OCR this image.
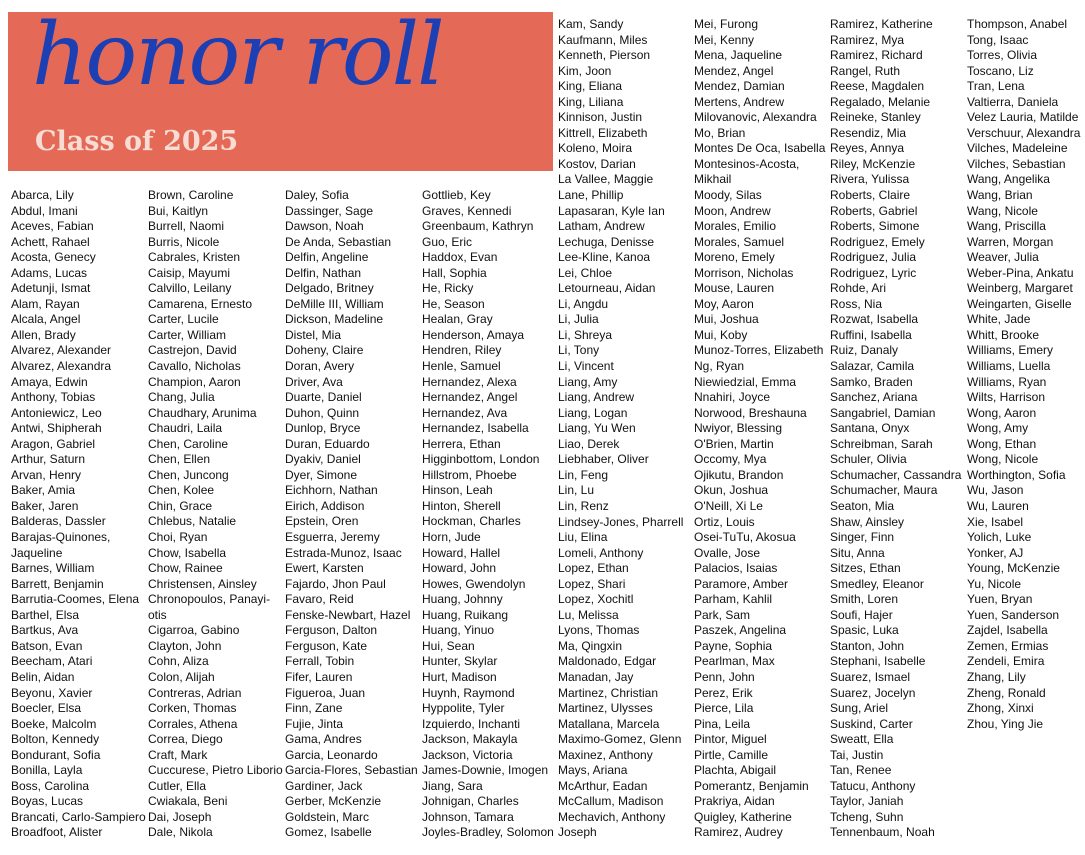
honor roll
Class of 2025
Abarca, Lily
Abdul, Imani
Aceves, Fabian
Achett, Rahael
Acosta, Genecy
Adams, Lucas
Adetunji, Ismat
Alam, Rayan
Alcala, Angel
Allen, Brady
Alvarez, Alexander
Alvarez, Alexandra
Amaya, Edwin
Anthony, Tobias
Antoniewicz, Leo
Antwi, Shipherah
Aragon, Gabriel
Arthur, Saturn
Arvan, Henry
Baker, Amia
Baker, Jaren
Balderas, Dassler
Barajas-Quinones,
Jaqueline
Barnes, William
Barrett, Benjamin
Barrutia-Coomes, Elena
Barthel, Elsa
Bartkus, Ava
Batson, Evan
Beecham, Atari
Belin, Aidan
Beyonu, Xavier
Boecler, Elsa
Boeke, Malcolm
Bolton, Kennedy
Bondurant, Sofia
Bonilla, Layla
Boss, Carolina
Boyas, Lucas
Brancati, Carlo-Sampiero
Broadfoot, Alister
Brown, Caroline
Bui, Kaitlyn
Burrell, Naomi
Burris, Nicole
Cabrales, Kristen
Caisip, Mayumi
Calvillo, Leilany
Camarena, Ernesto
Carter, Lucile
Carter, William
Castrejon, David
Cavallo, Nicholas
Champion, Aaron
Chang, Julia
Chaudhary, Arunima
Chaudri, Laila
Chen, Caroline
Chen, Ellen
Chen, Juncong
Chen, Kolee
Chin, Grace
Chlebus, Natalie
Choi, Ryan
Chow, Isabella
Chow, Rainee
Christensen, Ainsley
Chronopoulos, Panayi-
otis
Cigarroa, Gabino
Clayton, John
Cohn, Aliza
Colon, Alijah
Contreras, Adrian
Corken, Thomas
Corrales, Athena
Correa, Diego
Craft, Mark
Cuccurese, Pietro Liborio
Cutler, Ella
Cwiakala, Beni
Dai, Joseph
Dale, Nikola
Daley, Sofia
Dassinger, Sage
Dawson, Noah
De Anda, Sebastian
Delfin, Angeline
Delfin, Nathan
Delgado, Britney
DeMille III, William
Dickson, Madeline
Distel, Mia
Doheny, Claire
Doran, Avery
Driver, Ava
Duarte, Daniel
Duhon, Quinn
Dunlop, Bryce
Duran, Eduardo
Dyakiv, Daniel
Dyer, Simone
Eichhorn, Nathan
Eirich, Addison
Epstein, Oren
Esguerra, Jeremy
Estrada-Munoz, Isaac
Ewert, Karsten
Fajardo, Jhon Paul
Favaro, Reid
Fenske-Newbart, Hazel
Ferguson, Dalton
Ferguson, Kate
Ferrall, Tobin
Fifer, Lauren
Figueroa, Juan
Finn, Zane
Fujie, Jinta
Gama, Andres
Garcia, Leonardo
Garcia-Flores, Sebastian
Gardiner, Jack
Gerber, McKenzie
Goldstein, Marc
Gomez, Isabelle
Gottlieb, Key
Graves, Kennedi
Greenbaum, Kathryn
Guo, Eric
Haddox, Evan
Hall, Sophia
He, Ricky
He, Season
Healan, Gray
Henderson, Amaya
Hendren, Riley
Henle, Samuel
Hernandez, Alexa
Hernandez, Angel
Hernandez, Ava
Hernandez, Isabella
Herrera, Ethan
Higginbottom, London
Hillstrom, Phoebe
Hinson, Leah
Hinton, Sherell
Hockman, Charles
Horn, Jude
Howard, Hallel
Howard, John
Howes, Gwendolyn
Huang, Johnny
Huang, Ruikang
Huang, Yinuo
Hui, Sean
Hunter, Skylar
Hurt, Madison
Huynh, Raymond
Hyppolite, Tyler
Izquierdo, Inchanti
Jackson, Makayla
Jackson, Victoria
James-Downie, Imogen
Jiang, Sara
Johnigan, Charles
Johnson, Tamara
Joyles-Bradley, Solomon
Kam, Sandy
Kaufmann, Miles
Kenneth, Pierson
Kim, Joon
King, Eliana
King, Liliana
Kinnison, Justin
Kittrell, Elizabeth
Koleno, Moira
Kostov, Darian
La Vallee, Maggie
Lane, Phillip
Lapasaran, Kyle Ian
Latham, Andrew
Lechuga, Denisse
Lee-Kline, Kanoa
Lei, Chloe
Letourneau, Aidan
Li, Angdu
Li, Julia
Li, Shreya
Li, Tony
Li, Vincent
Liang, Amy
Liang, Andrew
Liang, Logan
Liang, Yu Wen
Liao, Derek
Liebhaber, Oliver
Lin, Feng
Lin, Lu
Lin, Renz
Lindsey-Jones, Pharrell
Liu, Elina
Lomeli, Anthony
Lopez, Ethan
Lopez, Shari
Lopez, Xochitl
Lu, Melissa
Lyons, Thomas
Ma, Qingxin
Maldonado, Edgar
Manadan, Jay
Martinez, Christian
Martinez, Ulysses
Matallana, Marcela
Maximo-Gomez, Glenn
Maxinez, Anthony
Mays, Ariana
McArthur, Eadan
McCallum, Madison
Mechavich, Anthony
Joseph
Mei, Furong
Mei, Kenny
Mena, Jaqueline
Mendez, Angel
Mendez, Damian
Mertens, Andrew
Milovanovic, Alexandra
Mo, Brian
Montes De Oca, Isabella
Montesinos-Acosta,
Mikhail
Moody, Silas
Moon, Andrew
Morales, Emilio
Morales, Samuel
Moreno, Emely
Morrison, Nicholas
Mouse, Lauren
Moy, Aaron
Mui, Joshua
Mui, Koby
Munoz-Torres, Elizabeth
Ng, Ryan
Niewiedzial, Emma
Nnahiri, Joyce
Norwood, Breshauna
Nwiyor, Blessing
O'Brien, Martin
Occomy, Mya
Ojikutu, Brandon
Okun, Joshua
O'Neill, Xi Le
Ortiz, Louis
Osei-TuTu, Akosua
Ovalle, Jose
Palacios, Isaias
Paramore, Amber
Parham, Kahlil
Park, Sam
Paszek, Angelina
Payne, Sophia
Pearlman, Max
Penn, John
Perez, Erik
Pierce, Lila
Pina, Leila
Pintor, Miguel
Pirtle, Camille
Plachta, Abigail
Pomerantz, Benjamin
Prakriya, Aidan
Quigley, Katherine
Ramirez, Audrey
Ramirez, Katherine
Ramirez, Mya
Ramirez, Richard
Rangel, Ruth
Reese, Magdalen
Regalado, Melanie
Reineke, Stanley
Resendiz, Mia
Reyes, Annya
Riley, McKenzie
Rivera, Yulissa
Roberts, Claire
Roberts, Gabriel
Roberts, Simone
Rodriguez, Emely
Rodriguez, Julia
Rodriguez, Lyric
Rohde, Ari
Ross, Nia
Rozwat, Isabella
Ruffini, Isabella
Ruiz, Danaly
Salazar, Camila
Samko, Braden
Sanchez, Ariana
Sangabriel, Damian
Santana, Onyx
Schreibman, Sarah
Schuler, Olivia
Schumacher, Cassandra
Schumacher, Maura
Seaton, Mia
Shaw, Ainsley
Singer, Finn
Situ, Anna
Sitzes, Ethan
Smedley, Eleanor
Smith, Loren
Soufi, Hajer
Spasic, Luka
Stanton, John
Stephani, Isabelle
Suarez, Ismael
Suarez, Jocelyn
Sung, Ariel
Suskind, Carter
Sweatt, Ella
Tai, Justin
Tan, Renee
Tatucu, Anthony
Taylor, Janiah
Tcheng, Suhn
Tennenbaum, Noah
Thompson, Anabel
Tong, Isaac
Torres, Olivia
Toscano, Liz
Tran, Lena
Valtierra, Daniela
Velez Lauria, Matilde
Verschuur, Alexandra
Vilches, Madeleine
Vilches, Sebastian
Wang, Angelika
Wang, Brian
Wang, Nicole
Wang, Priscilla
Warren, Morgan
Weaver, Julia
Weber-Pina, Ankatu
Weinberg, Margaret
Weingarten, Giselle
White, Jade
Whitt, Brooke
Williams, Emery
Williams, Luella
Williams, Ryan
Wilts, Harrison
Wong, Aaron
Wong, Amy
Wong, Ethan
Wong, Nicole
Worthington, Sofia
Wu, Jason
Wu, Lauren
Xie, Isabel
Yolich, Luke
Yonker, AJ
Young, McKenzie
Yu, Nicole
Yuen, Bryan
Yuen, Sanderson
Zajdel, Isabella
Zemen, Ermias
Zendeli, Emira
Zhang, Lily
Zheng, Ronald
Zhong, Xinxi
Zhou, Ying Jie
